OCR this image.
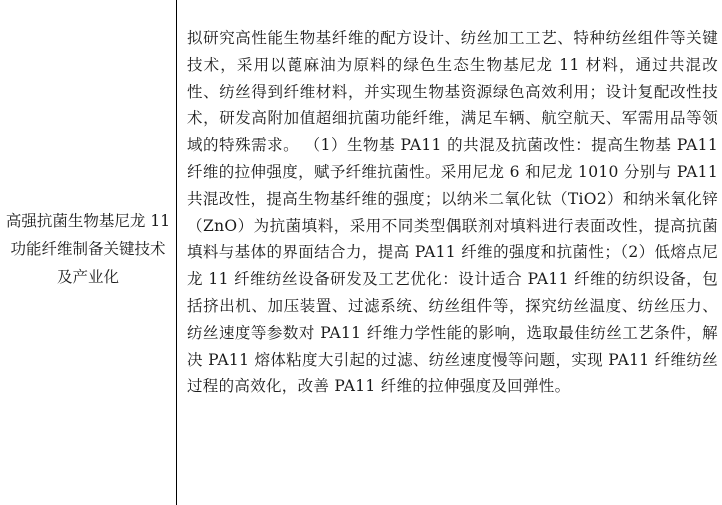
高强抗菌生物基尼龙 11 功能纤维制备关键技术及产业化

拟研究高性能生物基纤维的配方设计、纺丝加工工艺、特种纺丝组件等关键技术，采用以蓖麻油为原料的绿色生态生物基尼龙 11 材料，通过共混改性、纺丝得到纤维材料，并实现生物基资源绿色高效利用；设计复配改性技术，研发高附加值超细抗菌功能纤维，满足车辆、航空航天、军需用品等领域的特殊需求。 （1）生物基 PA11 的共混及抗菌改性：提高生物基 PA11 纤维的拉伸强度，赋予纤维抗菌性。采用尼龙 6 和尼龙 1010 分别与 PA11 共混改性，提高生物基纤维的强度；以纳米二氧化钛（TiO2）和纳米氧化锌（ZnO）为抗菌填料，采用不同类型偶联剂对填料进行表面改性，提高抗菌填料与基体的界面结合力，提高 PA11 纤维的强度和抗菌性；（2）低熔点尼龙 11 纤维纺丝设备研发及工艺优化：设计适合 PA11 纤维的纺织设备，包括挤出机、加压装置、过滤系统、纺丝组件等，探究纺丝温度、纺丝压力、纺丝速度等参数对 PA11 纤维力学性能的影响，选取最佳纺丝工艺条件，解决 PA11 熔体粘度大引起的过滤、纺丝速度慢等问题，实现 PA11 纤维纺丝过程的高效化，改善 PA11 纤维的拉伸强度及回弹性。
